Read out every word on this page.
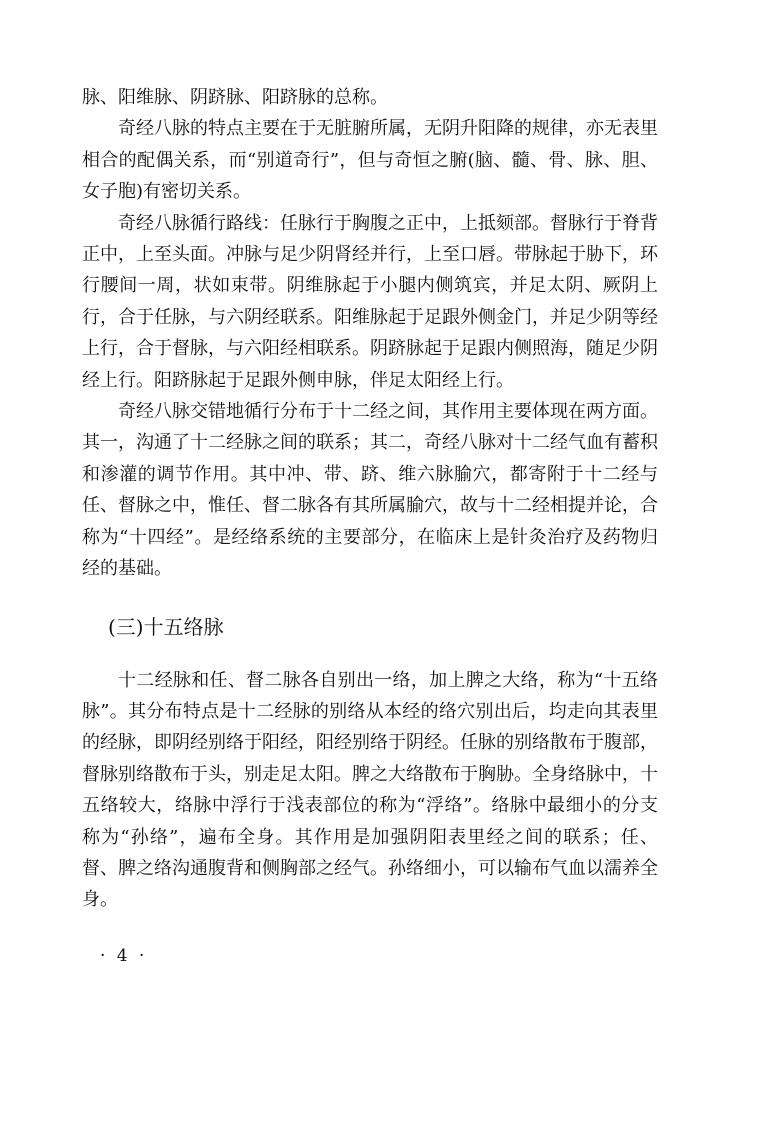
脉、阳维脉、阴跻脉、阳跻脉的总称。

奇经八脉的特点主要在于无脏腑所属，无阴升阳降的规律，亦无表里相合的配偶关系，而“别道奇行”，但与奇恒之腑(脑、髓、骨、脉、胆、女子胞)有密切关系。

奇经八脉循行路线：任脉行于胸腹之正中，上抵颏部。督脉行于脊背正中，上至头面。冲脉与足少阴肾经并行，上至口唇。带脉起于胁下，环行腰间一周，状如束带。阴维脉起于小腿内侧筑宾，并足太阴、厥阴上行，合于任脉，与六阴经联系。阳维脉起于足跟外侧金门，并足少阴等经上行，合于督脉，与六阳经相联系。阴跻脉起于足跟内侧照海，随足少阴经上行。阳跻脉起于足跟外侧申脉，伴足太阳经上行。

奇经八脉交错地循行分布于十二经之间，其作用主要体现在两方面。其一，沟通了十二经脉之间的联系；其二，奇经八脉对十二经气血有蓄积和渗灌的调节作用。其中冲、带、跻、维六脉腧穴，都寄附于十二经与任、督脉之中，惟任、督二脉各有其所属腧穴，故与十二经相提并论，合称为“十四经”。是经络系统的主要部分，在临床上是针灸治疗及药物归经的基础。

(三)十五络脉

十二经脉和任、督二脉各自别出一络，加上脾之大络，称为“十五络脉”。其分布特点是十二经脉的别络从本经的络穴别出后，均走向其表里的经脉，即阴经别络于阳经，阳经别络于阴经。任脉的别络散布于腹部，督脉别络散布于头，别走足太阳。脾之大络散布于胸胁。全身络脉中，十五络较大，络脉中浮行于浅表部位的称为“浮络”。络脉中最细小的分支称为“孙络”，遍布全身。其作用是加强阴阳表里经之间的联系；任、督、脾之络沟通腹背和侧胸部之经气。孙络细小，可以输布气血以濡养全身。

· 4 ·
